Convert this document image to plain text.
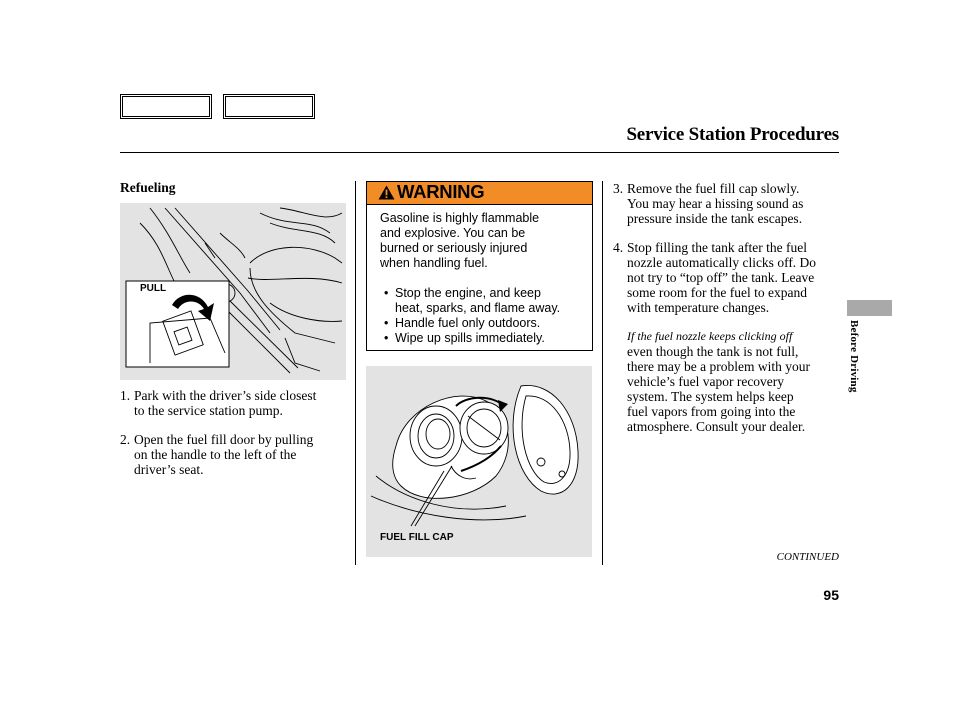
Service Station Procedures
Refueling
PULL
1. Park with the driver’s side closest
to the service station pump.
2. Open the fuel fill door by pulling
on the handle to the left of the
driver’s seat.
WARNING
Gasoline is highly flammable
and explosive. You can be
burned or seriously injured
when handling fuel.
• Stop the engine, and keep
heat, sparks, and flame away.
• Handle fuel only outdoors.
• Wipe up spills immediately.
FUEL FILL CAP
3. Remove the fuel fill cap slowly.
You may hear a hissing sound as
pressure inside the tank escapes.
4. Stop filling the tank after the fuel
nozzle automatically clicks off. Do
not try to “top off” the tank. Leave
some room for the fuel to expand
with temperature changes.
If the fuel nozzle keeps clicking off
even though the tank is not full,
there may be a problem with your
vehicle’s fuel vapor recovery
system. The system helps keep
fuel vapors from going into the
atmosphere. Consult your dealer.
Before Driving
CONTINUED
95
